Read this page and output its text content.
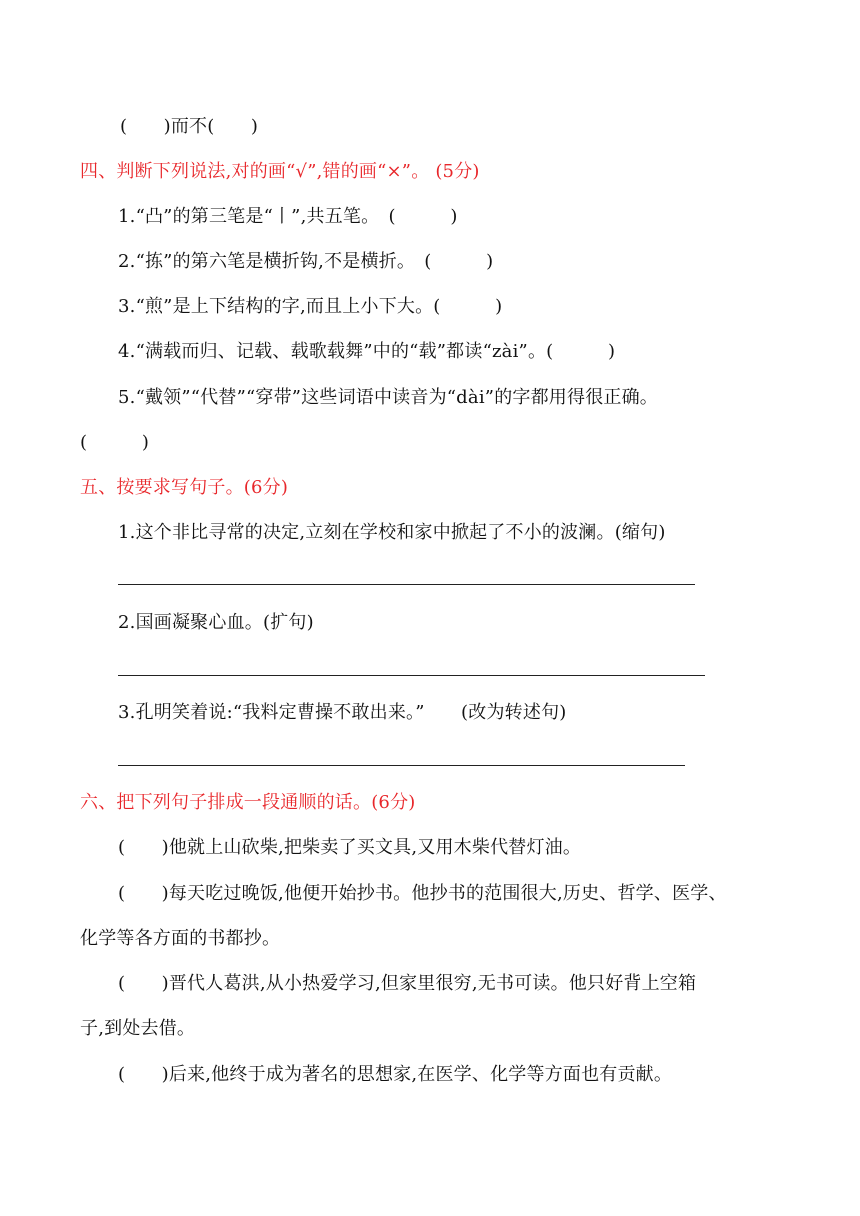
(　　)而不(　　)
四、判断下列说法,对的画“√”,错的画“×”。 (5分)
1.“凸”的第三笔是“丨”,共五笔。　(　　　)
2.“拣”的第六笔是横折钩,不是横折。　(　　　)
3.“煎”是上下结构的字,而且上小下大。(　　　)
4.“满载而归、记载、载歌载舞”中的“载”都读“zài”。(　　　)
5.“戴领”“代替”“穿带”这些词语中读音为“dài”的字都用得很正确。
(　　　)
五、按要求写句子。(6分)
1.这个非比寻常的决定,立刻在学校和家中掀起了不小的波澜。(缩句)
2.国画凝聚心血。(扩句)
3.孔明笑着说:“我料定曹操不敢出来。”　　(改为转述句)
六、把下列句子排成一段通顺的话。(6分)
(　　)他就上山砍柴,把柴卖了买文具,又用木柴代替灯油。
(　　)每天吃过晚饭,他便开始抄书。他抄书的范围很大,历史、哲学、医学、
化学等各方面的书都抄。
(　　)晋代人葛洪,从小热爱学习,但家里很穷,无书可读。他只好背上空箱
子,到处去借。
(　　)后来,他终于成为著名的思想家,在医学、化学等方面也有贡献。
